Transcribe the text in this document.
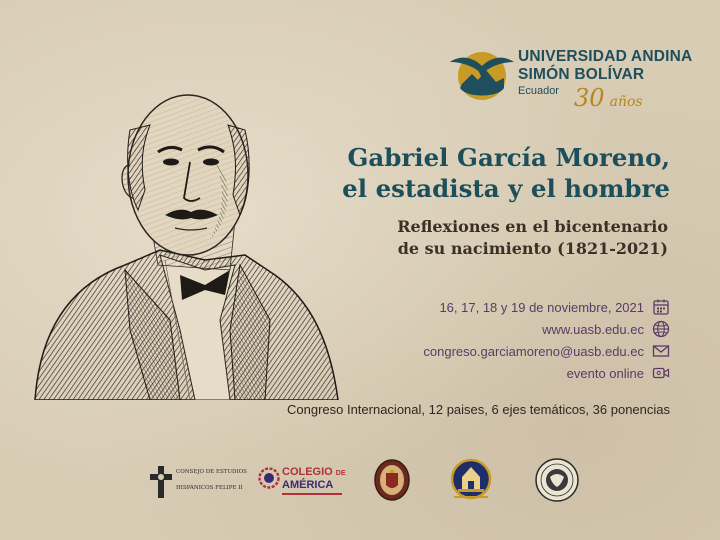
UNIVERSIDAD ANDINA
SIMÓN BOLÍVAR
Ecuador 30 años
Gabriel García Moreno,
el estadista y el hombre
Reflexiones en el bicentenario
de su nacimiento (1821-2021)
16, 17, 18 y 19 de noviembre, 2021
www.uasb.edu.ec
congreso.garciamoreno@uasb.edu.ec
evento online
Congreso Internacional, 12 paises, 6 ejes temáticos, 36 ponencias
CONSEJO DE ESTUDIOS
HISPÁNICOS FELIPE II
COLEGIO DE
AMÉRICA
